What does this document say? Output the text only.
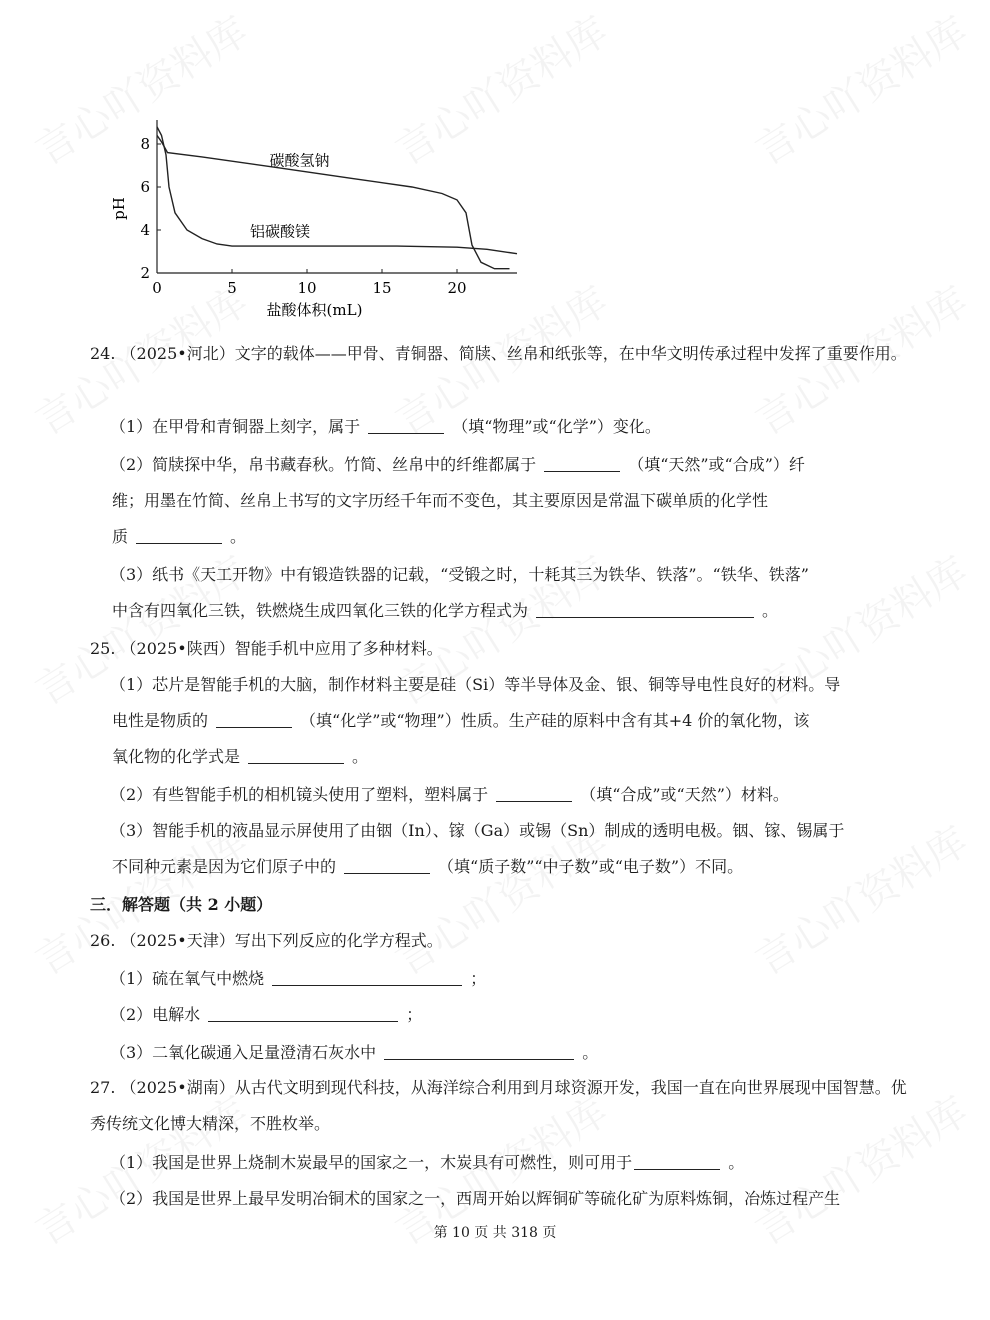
0	5	10	15	20
2
4
6
8
pH
盐酸体积(mL)
碳酸氢钠
铝碳酸镁
24. （2025•河北）文字的载体——甲骨、青铜器、简牍、丝帛和纸张等，在中华文明传承过程中发挥了重要作用。
（1）在甲骨和青铜器上刻字，属于	（填“物理”或“化学”）变化。
（2）简牍探中华，帛书藏春秋。竹简、丝帛中的纤维都属于	（填“天然”或“合成”）纤
维；用墨在竹简、丝帛上书写的文字历经千年而不变色，其主要原因是常温下碳单质的化学性
质	。
（3）纸书《天工开物》中有锻造铁器的记载，“受锻之时，十耗其三为铁华、铁落”。“铁华、铁落”
中含有四氧化三铁，铁燃烧生成四氧化三铁的化学方程式为	。
25. （2025•陕西）智能手机中应用了多种材料。
（1）芯片是智能手机的大脑，制作材料主要是硅（Si）等半导体及金、银、铜等导电性良好的材料。导
电性是物质的	（填“化学”或“物理”）性质。生产硅的原料中含有其+4 价的氧化物，该
氧化物的化学式是	。
（2）有些智能手机的相机镜头使用了塑料，塑料属于	（填“合成”或“天然”）材料。
（3）智能手机的液晶显示屏使用了由铟（In）、镓（Ga）或锡（Sn）制成的透明电极。铟、镓、锡属于
不同种元素是因为它们原子中的	（填“质子数”“中子数”或“电子数”）不同。
三．解答题（共 2 小题）
26. （2025•天津）写出下列反应的化学方程式。
（1）硫在氧气中燃烧	；
（2）电解水	；
（3）二氧化碳通入足量澄清石灰水中	。
27. （2025•湖南）从古代文明到现代科技，从海洋综合利用到月球资源开发，我国一直在向世界展现中国智慧。优秀传统文化博大精深，不胜枚举。
（1）我国是世界上烧制木炭最早的国家之一，木炭具有可燃性，则可用于	。
（2）我国是世界上最早发明冶铜术的国家之一，西周开始以辉铜矿等硫化矿为原料炼铜，冶炼过程产生
第 10 页 共 318 页
